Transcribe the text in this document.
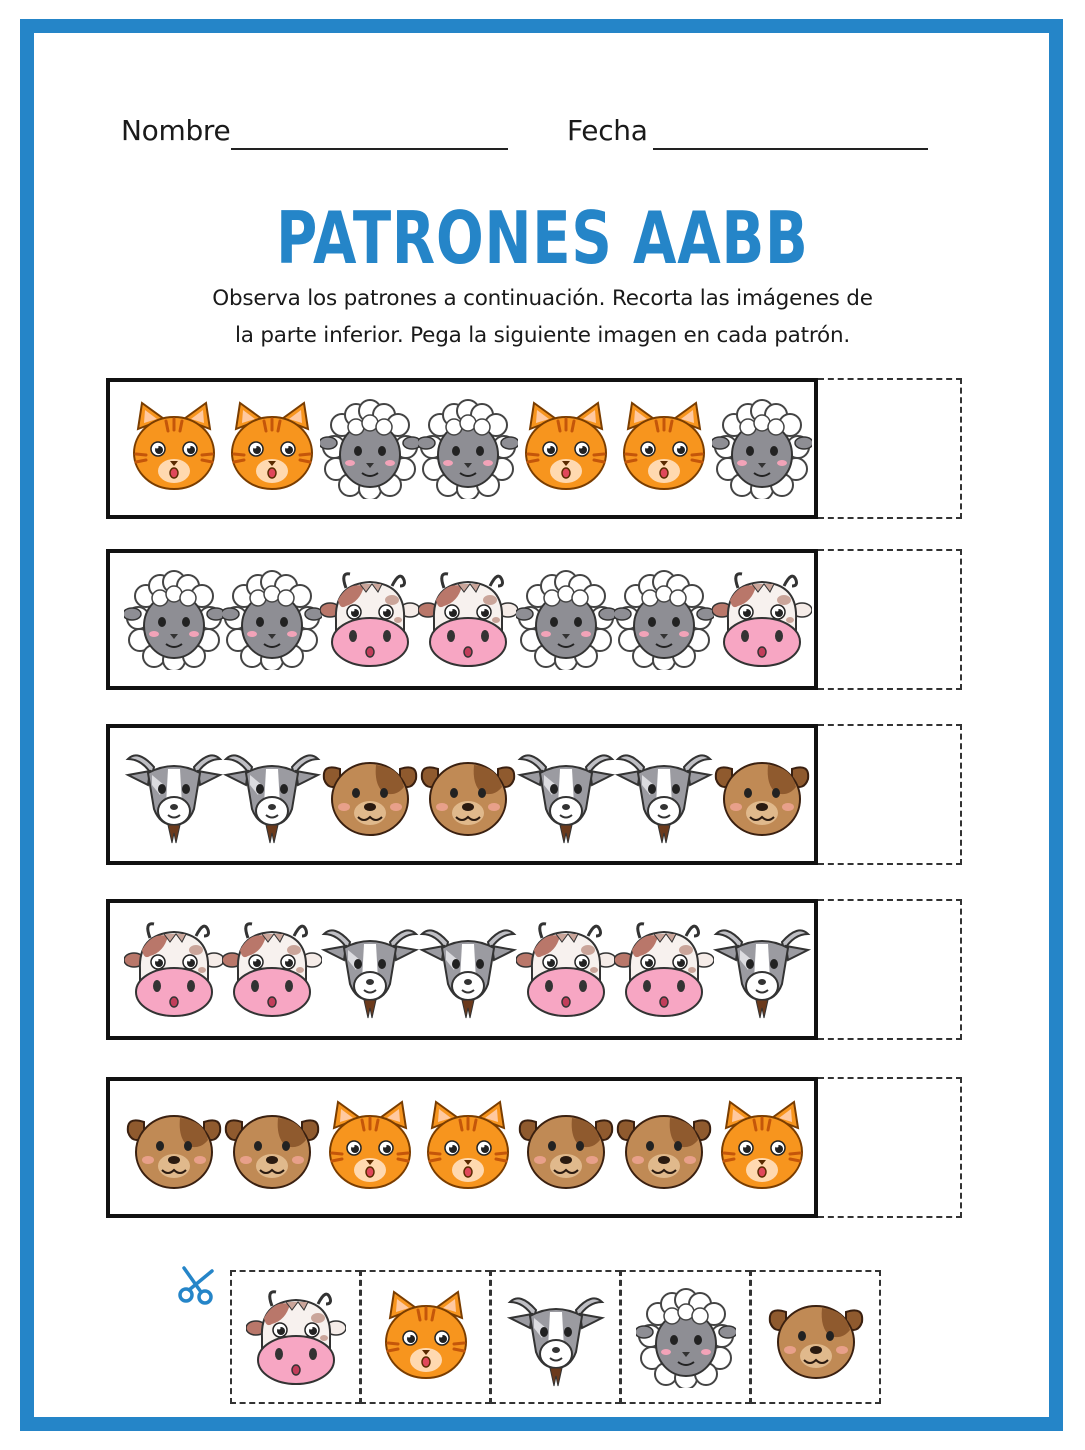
Nombre	Fecha
PATRONES AABB
Observa los patrones a continuación. Recorta las imágenes de
la parte inferior. Pega la siguiente imagen en cada patrón.
